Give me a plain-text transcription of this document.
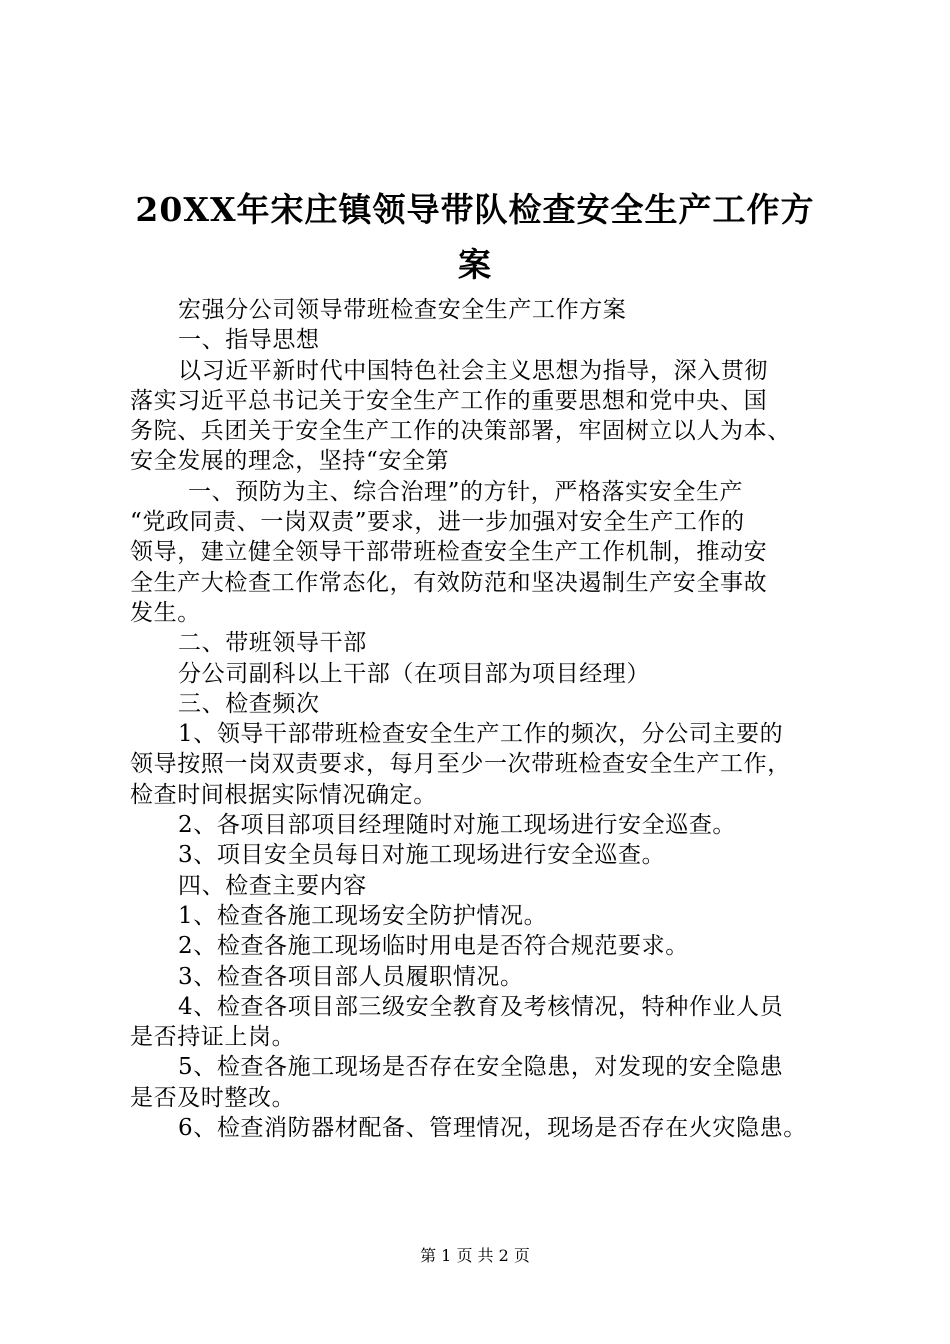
20XX年宋庄镇领导带队检查安全生产工作方
案

宏强分公司领导带班检查安全生产工作方案

一、指导思想

以习近平新时代中国特色社会主义思想为指导，深入贯彻

落实习近平总书记关于安全生产工作的重要思想和党中央、国

务院、兵团关于安全生产工作的决策部署，牢固树立以人为本、

安全发展的理念，坚持“安全第

一、预防为主、综合治理”的方针，严格落实安全生产

“党政同责、一岗双责”要求，进一步加强对安全生产工作的

领导，建立健全领导干部带班检查安全生产工作机制，推动安

全生产大检查工作常态化，有效防范和坚决遏制生产安全事故

发生。

二、带班领导干部

分公司副科以上干部（在项目部为项目经理）

三、检查频次

1、领导干部带班检查安全生产工作的频次，分公司主要的

领导按照一岗双责要求，每月至少一次带班检查安全生产工作，

检查时间根据实际情况确定。

2、各项目部项目经理随时对施工现场进行安全巡查。

3、项目安全员每日对施工现场进行安全巡查。

四、检查主要内容

1、检查各施工现场安全防护情况。

2、检查各施工现场临时用电是否符合规范要求。

3、检查各项目部人员履职情况。

4、检查各项目部三级安全教育及考核情况，特种作业人员

是否持证上岗。

5、检查各施工现场是否存在安全隐患，对发现的安全隐患

是否及时整改。

6、检查消防器材配备、管理情况，现场是否存在火灾隐患。

第 1 页 共 2 页
